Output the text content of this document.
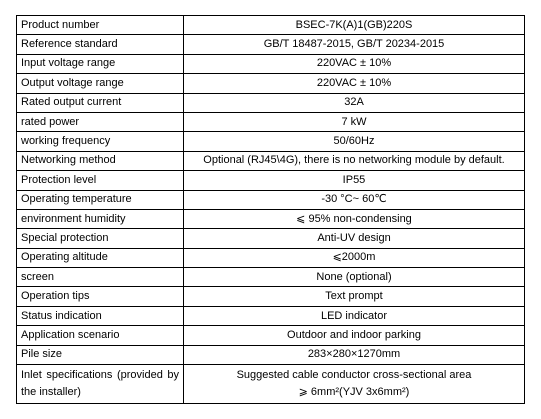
Product number	BSEC-7K(A)1(GB)220S
Reference standard	GB/T 18487-2015, GB/T 20234-2015
Input voltage range	220VAC ± 10%
Output voltage range	220VAC ± 10%
Rated output current	32A
rated power	7 kW
working frequency	50/60Hz
Networking method	Optional (RJ45\4G), there is no networking module by default.
Protection level	IP55
Operating temperature	-30 °C~ 60℃
environment humidity	⩽ 95% non-condensing
Special protection	Anti-UV design
Operating altitude	⩽2000m
screen	None (optional)
Operation tips	Text prompt
Status indication	LED indicator
Application scenario	Outdoor and indoor parking
Pile size	283×280×1270mm
Inlet specifications (provided by the installer)	Suggested cable conductor cross-sectional area
⩾ 6mm²(YJV 3x6mm²)
